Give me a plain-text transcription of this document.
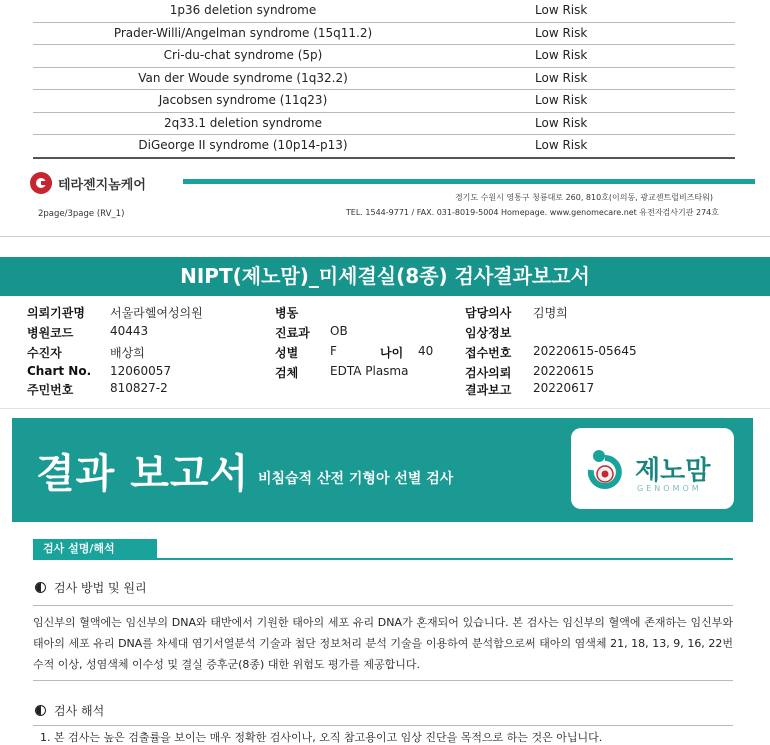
1p36 deletion syndrome	Low Risk
Prader-Willi/Angelman syndrome (15q11.2)	Low Risk
Cri-du-chat syndrome (5p)	Low Risk
Van der Woude syndrome (1q32.2)	Low Risk
Jacobsen syndrome (11q23)	Low Risk
2q33.1 deletion syndrome	Low Risk
DiGeorge II syndrome (10p14-p13)	Low Risk
테라젠지놈케어
경기도 수원시 영통구 청룡대로 260, 810호(이의동, 광교센트럴비즈타워)
TEL. 1544-9771 / FAX. 031-8019-5004 Homepage. www.genomecare.net 유전자검사기관 274호
2page/3page (RV_1)
NIPT(제노맘)_미세결실(8종) 검사결과보고서
의뢰기관명 서울라헬여성의원
병원코드	40443
수진자	배상희
Chart No. 12060057
주민번호	810827-2
병동
진료과 OB
성별	F	나이 40
검체	EDTA Plasma
담당의사 김명희
임상정보
접수번호 20220615-05645
검사의뢰 20220615
결과보고 20220617
결과 보고서 비침습적 산전 기형아 선별 검사	제노맘
GENOMOM
검사 설명/해석
검사 방법 및 원리
임신부의 혈액에는 임신부의 DNA와 태반에서 기원한 태아의 세포 유리 DNA가 혼재되어 있습니다. 본 검사는 임신부의 혈액에 존재하는 임신부와 태아의 세포 유리 DNA를 차세대 염기서열분석 기술과 첨단 정보처리 분석 기술을 이용하여 분석함으로써 태아의 염색체 21, 18, 13, 9, 16, 22번 수적 이상, 성염색체 이수성 및 결실 증후군(8종) 대한 위험도 평가를 제공합니다.
검사 해석
1. 본 검사는 높은 검출률을 보이는 매우 정확한 검사이나, 오직 참고용이고 임상 진단을 목적으로 하는 것은 아닙니다.
